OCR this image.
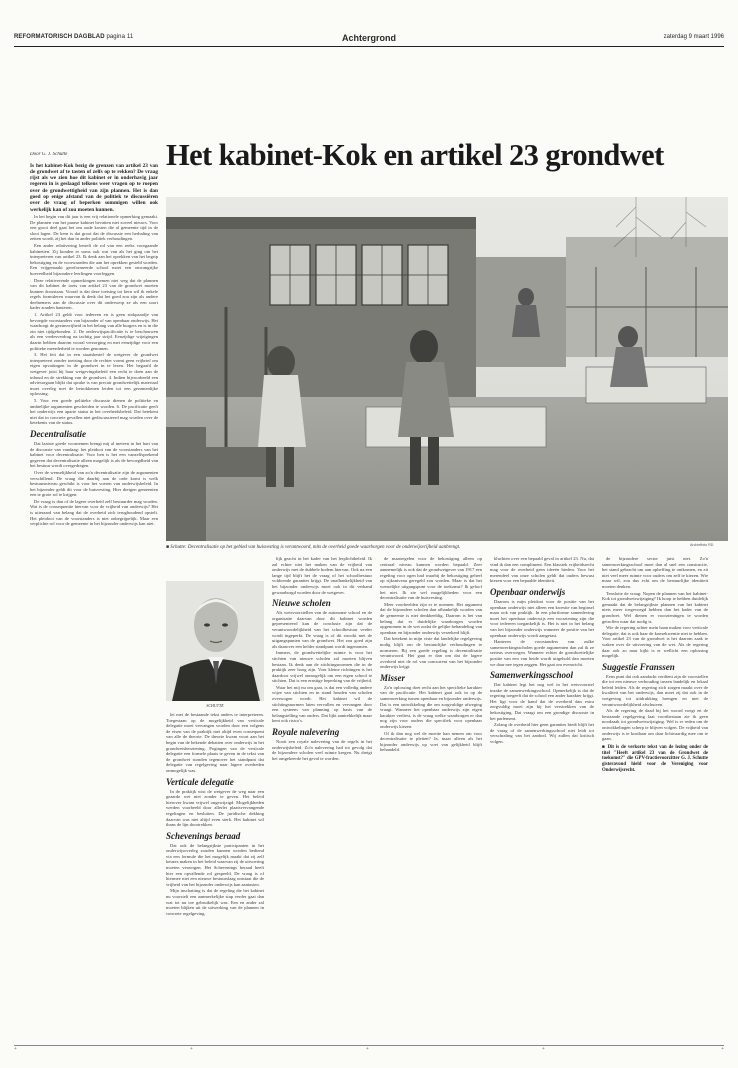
REFORMATORISCH DAGBLAD pagina 11	Achtergrond	zaterdag 9 maart 1996
Door G. J. Schutte

Is het kabinet-Kok bezig de grenzen van artikel 23 van de grondwet af te tasten of zelfs op te rekken? De vraag rijst als we zien hoe dit kabinet er in onderhavig jaar regeren in is geslaagd telkens weer vragen op te roepen over de grondwettigheid van zijn plannen. Het is dan goed op enige afstand van de politiek te discussiëren over de vraag of beperken sommigen willen ook werkelijk kan of zou moeten kunnen.

In het begin van dit jaar is een vrij relationele opmerking gemaakt. De plannen van het paarse kabinet bevatten niet zoveel nieuws. Voor een groot deel gaat het om oude kosten die al gemeente tijd in de sloot lagen. De kern is dat groot dat de discussie een herhaling van zetten wordt, zij het dan in ander politiek verhoudingen.

Een ander relativering betreft de rol van een reeks voorgaande kabinetten. Zij konden er soms ook wat van als het ging om het interpreteren van artikel 23. Ik denk aan het oprekken van het begrip bekostiging en de voorwaarden die aan het oprekken gesteld worden. Een vrijgemaakt gereformeerde school moet een omvangrijke hoeveelheid bijzondere leerlingen voorleggen.

Deze relativerende opmerkingen nemen niet weg dat de plannen van dit kabinet de toets van artikel 23 van de grondwet moeten kunnen doorstaan. Vooraf is dat deze toetsing tot kern wil ik enkele regels formuleren waarvan ik denk dat het goed zou zijn als andere deelnemers aan de discussie over dit onderwerp ze als een soort kader zouden hanteren.

1. Artikel 23 geldt voor iedereen en is geen stokpaardje van bevoegde voorstanders van bijzonder of van openbaar onderwijs. Het waarborgt de gezinsvrijheid in het belang van alle burgers en is in die zin niet tijdgebonden. 2. De onderwijspacificatie is te beschouwen als een vredesverdrag na tachtig jaar strijd. Eenzijdige wijzigingen daarin hebben daarom vooral verzorging en met eenzijdige voor een politieke meerderheid te worden genomen.

3. Het feit dat in een staatsbestel de wetgever de grondwet interpreteert zonder toetsing door de rechter vormt geen vrijbrief om eigen opvattingen in de grondwet in te lezen. Het begaafd de wetgever juist bij haar wetgevingsbeleid een recht te doen aan de inhoud en de strekking van de grondwet. 4. Indien bijvoorbeeld een adviesorgaan blijkt dat sprake is van precair grondwettelijk materiaal moet overleg met de betrokkenen leiden tot een gezamenlijke oplossing.

5. Voor een goede politieke discussie dienen de politieke en ambtelijke argumenten gescheiden te worden. 6. De pacificatie geeft het onderwijs een aparte status in het overheidsbeleid. Dat betekent niet dat in concrete gevallen niet gediscussieerd mag worden over de betekenis van de status.

Decentralisatie

Dat laatste goede voornemen brengt mij al meteen in het hart van de discussie van vandaag: het pleidooi van de voorstanders van het kabinet voor decentralisatie. Voor hen is het een vanzelfsprekend gegeven dat decentralisatie alleen mogelijk is als de bevoegdheid van het bestuur wordt overgedragen.

Over de wenselijkheid van zo'n decentralisatie zijn de argumenten verschillend. De vraag die daarbij aan de orde komt is welk bestuursniveau geschikt is voor het voeren van onderwijsbeleid. In het bijzonder geldt dit voor de huisvesting. Hier dreigen gemeenten een te grote rol te krijgen.

De vraag is dan of de lagere overheid zelf bestuurder mag worden. Wat is de consequentie hiervan voor de vrijheid van onderwijs? Het is uiteraard van belang dat de overheid zich terughoudend opstelt. Het pleidooi van de voorstanders is niet onbegrijpelijk. Maar een verplichte rol voor de gemeente in het bijzonder onderwijs kan niet.

Het kabinet-Kok en artikel 23 grondwet
Archieffoto RD
■ Schutte: Decentralisatie op het gebied van huisvesting is verantwoord, mits de overheid goede waarborgen voor de onderwijsvrijheid aanbrengt.
SCHUTTE

let met de bestaande tekst anders te interpreteren. Toegestaan op de mogelijkheid van verticale delegatie moet vervangen worden door een volgens de eisen van de praktijk met altijd even consequent van alle de theorie. De theorie kwam voort aan het begin van de bekende debatten over onderwijs in het grondwetsherziening. Pogingen van de verticale delegatie een formele plaats te geven in de tekst van de grondwet stonden tegenover het standpunt dat delegatie van regelgeving naar lagere overheden onmogelijk was.

Verticale delegatie

In de praktijk wist de wetgever de weg naar een geaarde wet niet zonder te geven. Het beleid hierover kwam vrijwel ongewijzigd. Mogelijkheden werden voorbeeld door allerlei plaatsvervangende regelingen en besluiten. De juridische dekking daarvan was niet altijd even sterk. Het kabinet wil thans de lijn doortrekken.

Schevenings beraad

Dat ook de belangrijkste participanten in het onderwijsoverleg zouden kunnen worden bediend via een formule die het mogelijk maakt dat zij zelf keuzes maken in het beleid waarvan zij de uitvoering moeten verzorgen. Het Schevenings beraad heeft hier een opvallende rol gespeeld. De vraag is of hiermee niet een nieuwe bestuurslaag ontstaat die de vrijheid van het bijzonder onderwijs kan aantasten.

Mijn inschatting is dat de regeling die het kabinet nu voorstelt een aanmerkelijke stap verder gaat dan wat tot nu toe gebruikelijk was. Een en ander zal moeten blijken uit de uitwerking van de plannen in concrete regelgeving.

lijk geacht in het kader van het lerplichtbeleid. Ik zal echter niet het maken van de vrijheid van onderwijs met de dubbele bodem hiervan. Ook na een lange tijd blijft het de vraag of het schoolbestuur voldoende garanties krijgt. De onafhankelijkheid van het bijzonder onderwijs moet ook in dit verband gewaarborgd worden door de wetgever.

Nieuwe scholen

Als wetsvoorstellen van de autonome school en de organisatie daarvan door dit kabinet worden gepresenteerd kan de conclusie zijn dat de verantwoordelijkheid van het schoolbestuur verder wordt ingeperkt. De vraag is of dit strookt met de uitgangspunten van de grondwet. Het zou goed zijn als daarover een helder standpunt wordt ingenomen.

Immers, de grondwettelijke ruimte is voor het stichten van nieuwe scholen zal moeten blijven bestaan. Ik denk aan de stichtingsnormen die in de praktijk zeer hoog zijn. Voor kleine richtingen is het daardoor vrijwel onmogelijk om een eigen school te stichten. Dat is een ernstige beperking van de vrijheid.

Waar het mij nu om gaat, is dat een volledig andere wijze van stichten en in stand houden van scholen overwogen wordt. Het kabinet wil de stichtingsnormen laten vervallen en vervangen door een systeem van planning op basis van de belangstelling van ouders. Dat lijkt aantrekkelijk maar kent ook risico's.

Royale nalevering

Nooit een royale nalevering van de regels in het onderwijsbeleid. Zo'n nalevering had tot gevolg dat de bijzondere scholen veel ruimte kregen. Nu dreigt het omgekeerde het geval te worden.

de maatregelen voor de bekostiging alleen op centraal niveau kunnen worden bepaald. Zeer aannemelijk is ook dat de grondwetgever van 1917 een regeling voor ogen had waarbij de bekostiging geheel op rijksniveau geregeld zou worden. Maar is dat het wenselijke uitgangspunt voor de toekomst? Ik geloof het niet. Ik zie wel mogelijkheden voor een decentralisatie van de huisvesting.

Meer voorbeelden zijn er te noemen. Het argument dat de bijzondere scholen dan afhankelijk worden van de gemeente is niet denkbeeldig. Daarom is het van belang dat er duidelijke waarborgen worden opgenomen in de wet zodat de gelijke behandeling van openbaar en bijzonder onderwijs verzekerd blijft.

Dat betekent in mijn visie dat landelijke regelgeving nodig blijft om de bestuurlijke verhoudingen te normeren. Bij een goede regeling is decentralisatie verantwoord. Het gaat er dan om dat de lagere overheid niet de rol van concurrent van het bijzonder onderwijs krijgt.

Misser

Zo'n oplossing doet recht aan het specifieke karakter van de pacificatie. Het kabinet gaat ook in op de samenwerking tussen openbaar en bijzonder onderwijs. Dat is een ontwikkeling die om zorgvuldige afweging vraagt. Wanneer het openbaar onderwijs zijn eigen karakter verliest, is de vraag welke waarborgen er dan nog zijn voor ouders die specifiek voor openbaar onderwijs kiezen.

Of ik dan nog wel de moeite kan nemen om voor decentralisatie te pleiten? Ja, maar alleen als het bijzonder onderwijs op voet van gelijkheid blijft behandeld.

kluchten over een bepaald geval in artikel 23. Nu, dat vind ik dan een compliment. Een klassiek vrijheidsrecht mag voor de overheid geen ideeën bieden. Voor het merendeel van onze scholen geldt dat ouders bewust kiezen voor een bepaalde identiteit.

Openbaar onderwijs

Daarom is mijn pleidooi voor de positie van het openbaar onderwijs niet alleen een kwestie van beginsel maar ook van praktijk. In een pluriforme samenleving moet het openbaar onderwijs een voorziening zijn die voor iedereen toegankelijk is. Het is niet in het belang van het bijzonder onderwijs wanneer de positie van het openbaar onderwijs wordt aangetast.

Hanteren de voorstanders van zulke samenwerkingsscholen goede argumenten dan zal ik ze serieus overwegen. Wanneer echter de grondwettelijke positie van een van beide wordt uitgehold dan moeten we daar nee tegen zeggen. Het gaat om evenwicht.

Samenwerkingsschool

Dat kabinet legt het nog wel in het wetsvoorstel inzake de samenwerkingsschool. Opmerkelijk is dat de regering toegeeft dat de school een ander karakter krijgt. Het ligt voor de hand dat de overheid dan extra zorgvuldig moet zijn bij het verstrekken van de bekostiging. Dat vraagt om een grondige discussie in het parlement.

Zolang de overheid hier geen garanties biedt blijft het de vraag of de samenwerkingsschool niet leidt tot verschraling van het aanbod. Wij zullen dat kritisch volgen.

de bijzondere sector juist niet. Zo'n samenwerkingsschool moet dan al snel een constructie, het stand gebracht om aan opheffing te ontkomen, en zit niet veel meer ruimte voor ouders om zelf te kiezen. Wie maar wil, zou dus echt om de bestuurlijke identiteit moeten denken.

Tenslotte de vraag: Nopen de plannen van het kabinet-Kok tot grondwetswijziging? Ik hoop te hebben duidelijk gemaakt dat de belangrijkste plannen van het kabinet niets meer toegevoegd hebben dan het kader van de grondwet. Wel dienen er voorzieningen te worden getroffen waar dat nodig is.

Wie de regering achter mein baan maken voor verticale delegatie, dat is ook haar de konsekwentie niet te hebben. Voor artikel 23 van de grondwet is het daarom zaak te waken over de uitvoering van de wet. Als de regering daar ook zo naar kijkt is er wellicht een oplossing mogelijk.

Suggestie Franssen

Eens punt dat ook aandacht verdient zijn de voorstellen die tot een nieuwe verhouding tussen landelijk en lokaal beleid leiden. Als de regering zich zorgen maakt over de kwaliteit van het onderwijs, dan moet zij dat ook in de wetgeving tot uitdrukking brengen en niet de verantwoordelijkheid afschuiven.

Als de regering de daad bij het woord voegt en de bestaande regelgeving laat voortbestaan zie ik geen noodzaak tot grondwetswijziging. Wel is er reden om de ontwikkelingen scherp te blijven volgen. De vrijheid van onderwijs is te kostbaar om daar lichtvaardig mee om te gaan.

■ Dit is de verkorte tekst van de lezing onder de titel "Heeft artikel 23 van de Grondwet de toekomst?" die GPV-fractievoorzitter G. J. Schutte gisteravond hield voor de Vereniging voor Onderwijsrecht.

+	+	+	+	+
